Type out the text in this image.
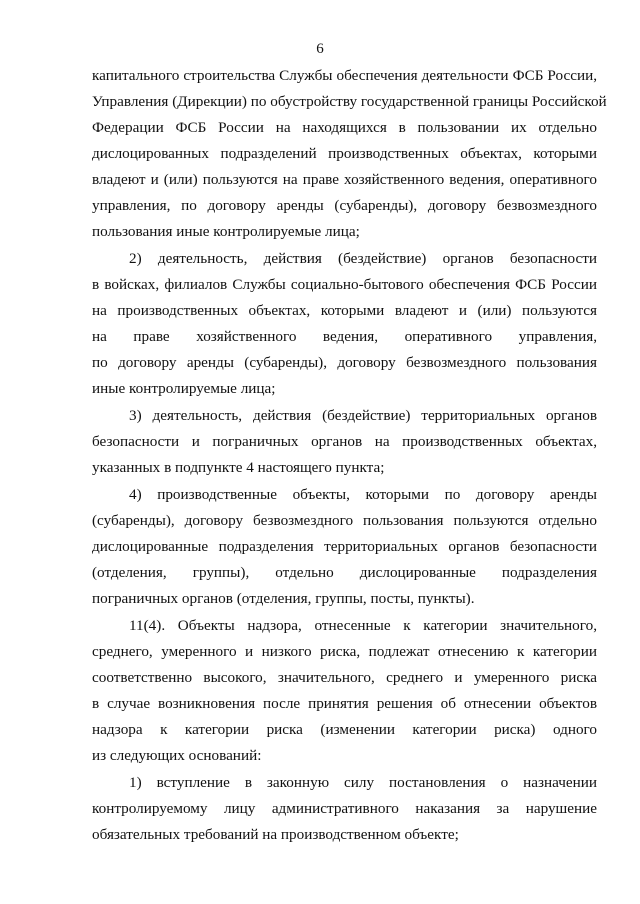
6
капитального строительства Службы обеспечения деятельности ФСБ России,
Управления (Дирекции) по обустройству государственной границы Российской
Федерации ФСБ России на находящихся в пользовании их отдельно
дислоцированных подразделений производственных объектах, которыми
владеют и (или) пользуются на праве хозяйственного ведения, оперативного
управления, по договору аренды (субаренды), договору безвозмездного
пользования иные контролируемые лица;
2) деятельность, действия (бездействие) органов безопасности
в войсках, филиалов Службы социально-бытового обеспечения ФСБ России
на производственных объектах, которыми владеют и (или) пользуются
на праве хозяйственного ведения, оперативного управления,
по договору аренды (субаренды), договору безвозмездного пользования
иные контролируемые лица;
3) деятельность, действия (бездействие) территориальных органов
безопасности и пограничных органов на производственных объектах,
указанных в подпункте 4 настоящего пункта;
4) производственные объекты, которыми по договору аренды
(субаренды), договору безвозмездного пользования пользуются отдельно
дислоцированные подразделения территориальных органов безопасности
(отделения, группы), отдельно дислоцированные подразделения
пограничных органов (отделения, группы, посты, пункты).
11(4). Объекты надзора, отнесенные к категории значительного,
среднего, умеренного и низкого риска, подлежат отнесению к категории
соответственно высокого, значительного, среднего и умеренного риска
в случае возникновения после принятия решения об отнесении объектов
надзора к категории риска (изменении категории риска) одного
из следующих оснований:
1) вступление в законную силу постановления о назначении
контролируемому лицу административного наказания за нарушение
обязательных требований на производственном объекте;
